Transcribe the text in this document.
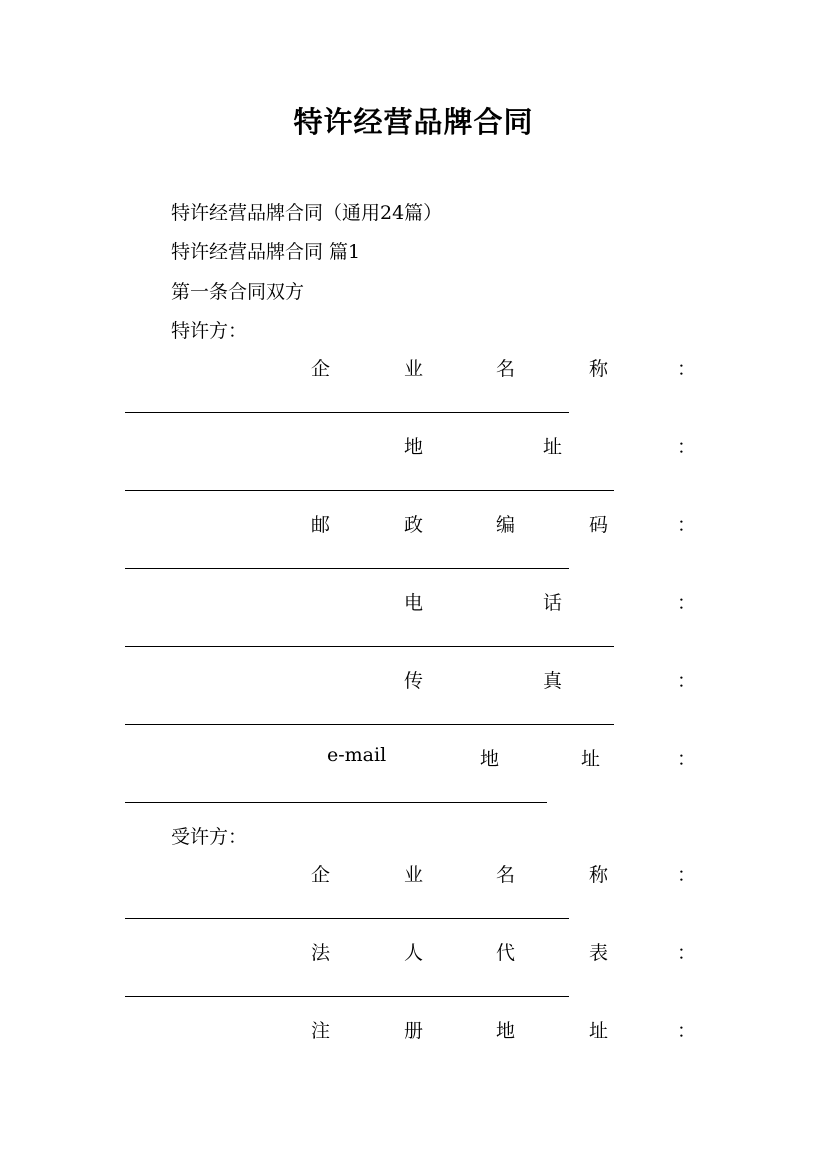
特许经营品牌合同
特许经营品牌合同（通用24篇）
特许经营品牌合同 篇1
第一条合同双方
特许方：
企	业	名	称	：
地	址	：
邮	政	编	码	：
电	话	：
传	真	：
e-mail	地	址	：
受许方：
企	业	名	称	：
法	人	代	表	：
注	册	地	址	：
